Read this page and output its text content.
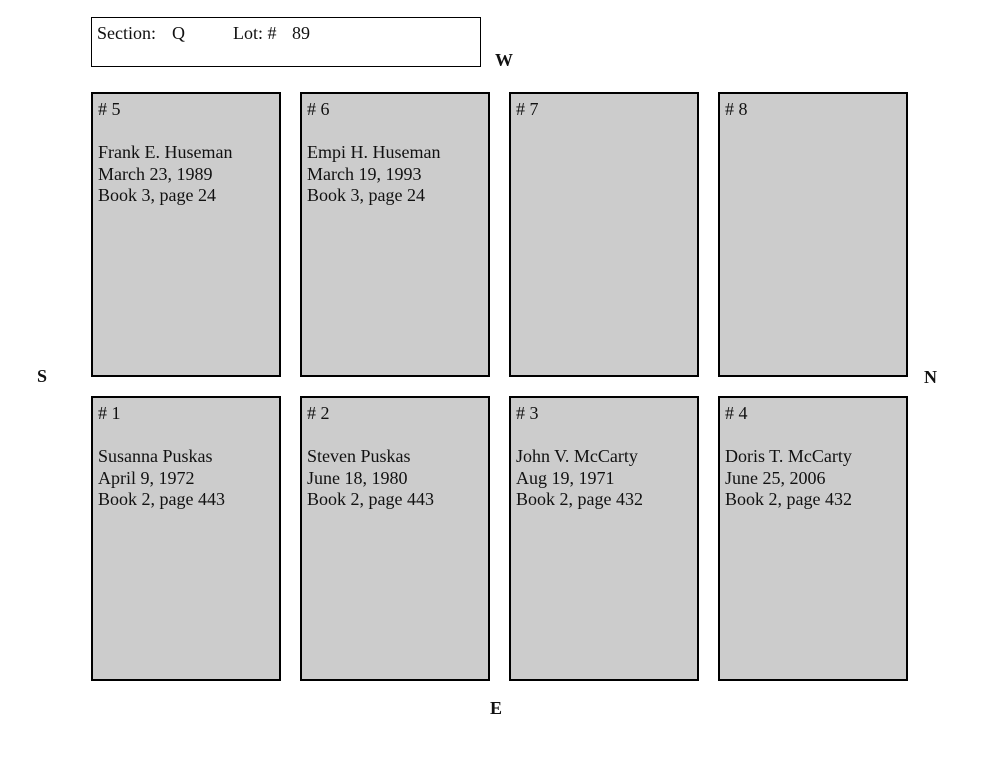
Section: Q	Lot: # 89
W
S	N
E
# 5
Frank E. Huseman
March 23, 1989
Book 3, page 24
# 6
Empi H. Huseman
March 19, 1993
Book 3, page 24
# 7	# 8
# 1
Susanna Puskas
April 9, 1972
Book 2, page 443
# 2
Steven Puskas
June 18, 1980
Book 2, page 443
# 3
John V. McCarty
Aug 19, 1971
Book 2, page 432
# 4
Doris T. McCarty
June 25, 2006
Book 2, page 432
